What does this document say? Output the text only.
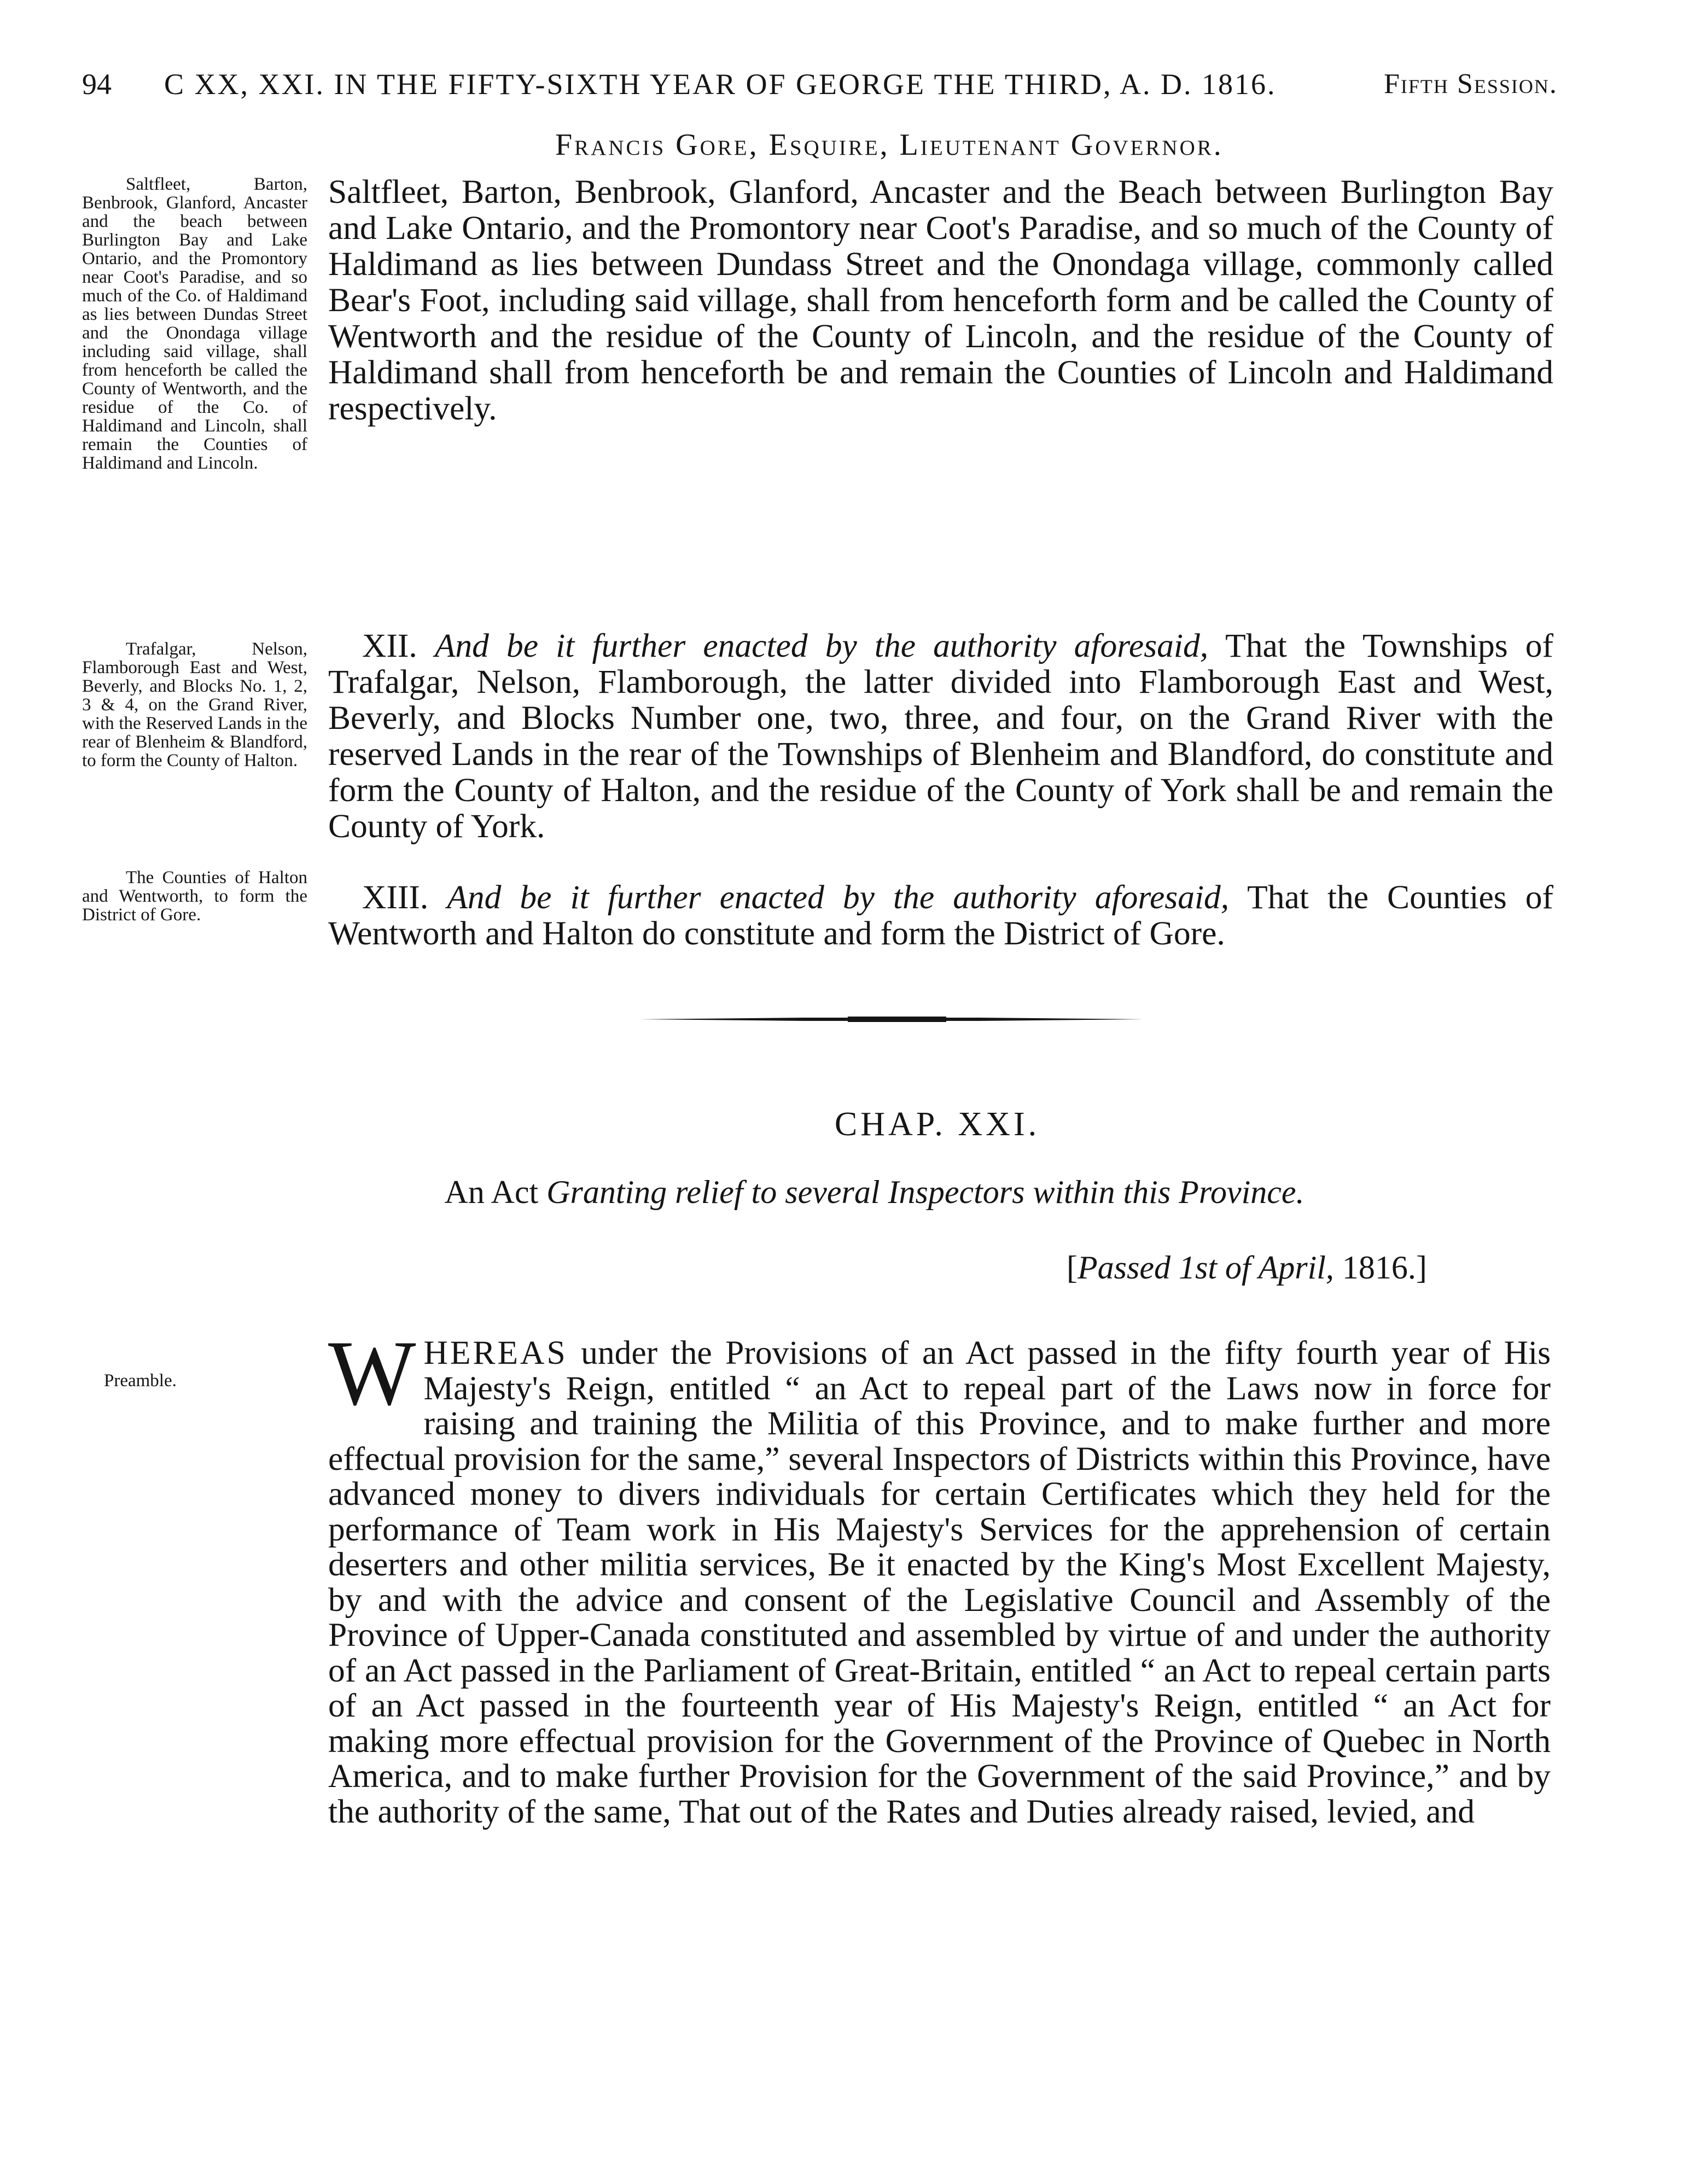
94 C XX, XXI. IN THE FIFTY-SIXTH YEAR OF GEORGE THE THIRD, A. D. 1816.	Fifth Session.
Francis Gore, Esquire, Lieutenant Governor.
Saltfleet, Barton, Benbrook, Glanford, Ancaster and the beach between Burlington Bay and Lake Ontario, and the Promontory near Coot's Paradise, and so much of the Co. of Haldimand as lies between Dundas Street and the Onondaga village including said village, shall from henceforth be called the County of Wentworth, and the residue of the Co. of Haldimand and Lincoln, shall remain the Counties of Haldimand and Lincoln.
Saltfleet, Barton, Benbrook, Glanford, Ancaster and the Beach between Burlington Bay and Lake Ontario, and the Promontory near Coot's Paradise, and so much of the County of Haldimand as lies between Dundass Street and the Onondaga village, commonly called Bear's Foot, including said village, shall from henceforth form and be called the County of Wentworth and the residue of the County of Lincoln, and the residue of the County of Haldimand shall from henceforth be and remain the Counties of Lincoln and Haldimand respectively.
Trafalgar, Nelson, Flamborough East and West, Beverly, and Blocks No. 1, 2, 3 & 4, on the Grand River, with the Reserved Lands in the rear of Blenheim & Blandford, to form the County of Halton.
XII. And be it further enacted by the authority aforesaid, That the Townships of Trafalgar, Nelson, Flamborough, the latter divided into Flamborough East and West, Beverly, and Blocks Number one, two, three, and four, on the Grand River with the reserved Lands in the rear of the Townships of Blenheim and Blandford, do constitute and form the County of Halton, and the residue of the County of York shall be and remain the County of York.
The Counties of Halton and Wentworth, to form the District of Gore.	XIII. And be it further enacted by the authority aforesaid, That the Counties of Wentworth and Halton do constitute and form the District of Gore.
CHAP. XXI.
An Act Granting relief to several Inspectors within this Province.
[Passed 1st of April, 1816.]
Preamble.	WHEREAS under the Provisions of an Act passed in the fifty fourth year of His Majesty's Reign, entitled “ an Act to repeal part of the Laws now in force for raising and training the Militia of this Province, and to make further and more effectual provision for the same,” several Inspectors of Districts within this Province, have advanced money to divers individuals for certain Certificates which they held for the performance of Team work in His Majesty's Services for the apprehension of certain deserters and other militia services, Be it enacted by the King's Most Excellent Majesty, by and with the advice and consent of the Legislative Council and Assembly of the Province of Upper-Canada constituted and assembled by virtue of and under the authority of an Act passed in the Parliament of Great-Britain, entitled “ an Act to repeal certain parts of an Act passed in the fourteenth year of His Majesty's Reign, entitled “ an Act for making more effectual provision for the Government of the Province of Quebec in North America, and to make further Provision for the Government of the said Province,” and by the authority of the same, That out of the Rates and Duties already raised, levied, and
